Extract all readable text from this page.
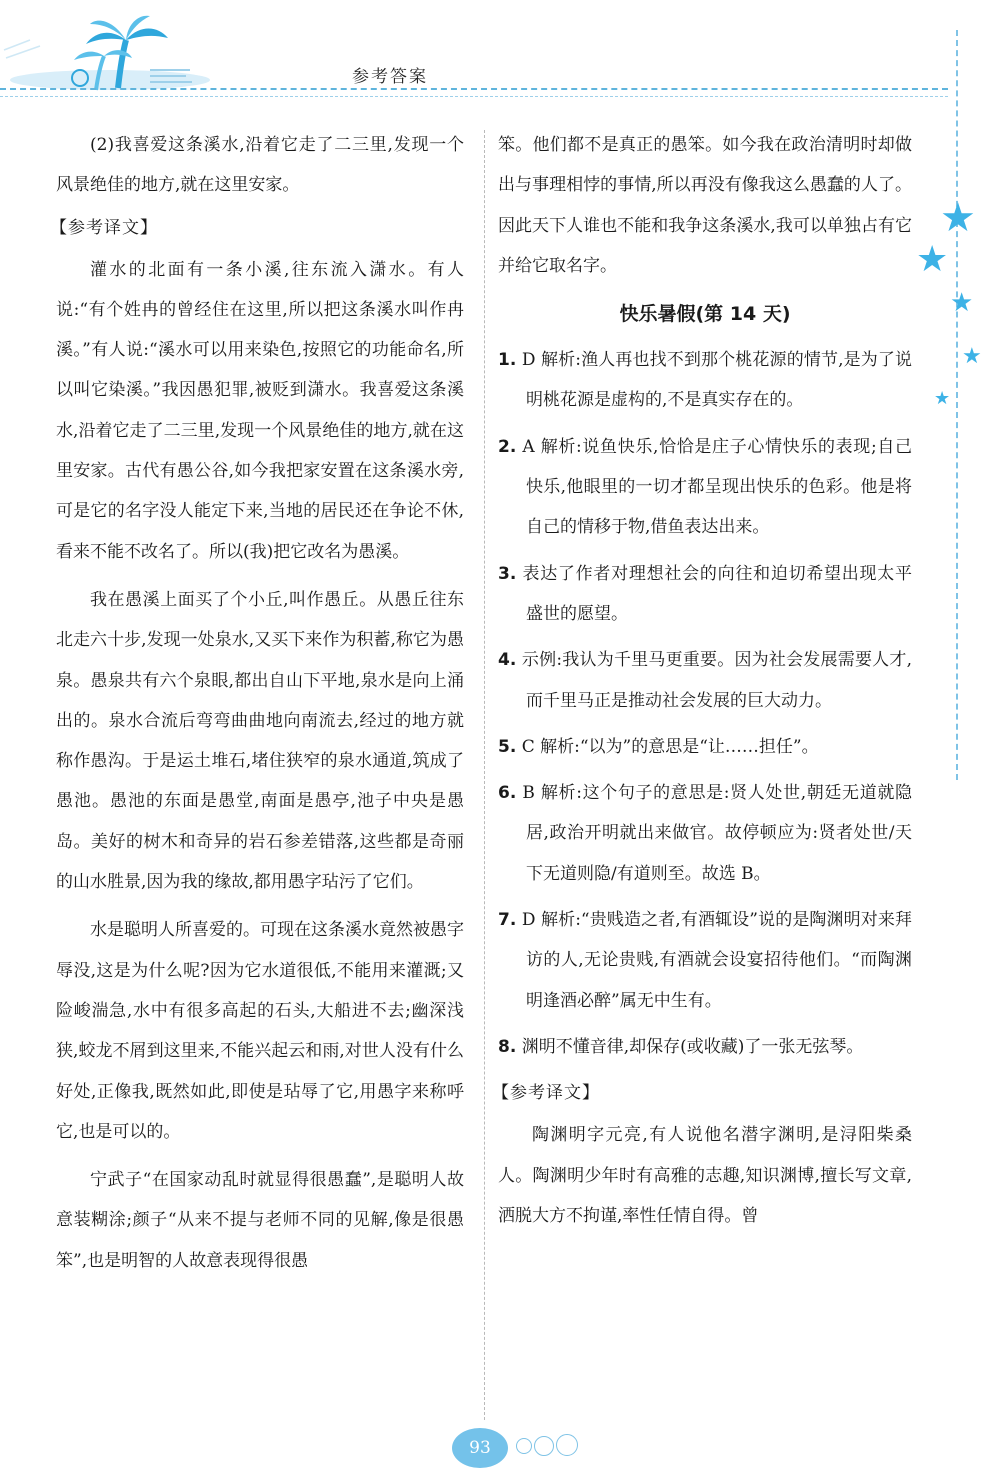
参考答案
★
★
★
★
★

(2)我喜爱这条溪水,沿着它走了二三里,发现一个风景绝佳的地方,就在这里安家。

【参考译文】

灌水的北面有一条小溪,往东流入潇水。有人说:“有个姓冉的曾经住在这里,所以把这条溪水叫作冉溪。”有人说:“溪水可以用来染色,按照它的功能命名,所以叫它染溪。”我因愚犯罪,被贬到潇水。我喜爱这条溪水,沿着它走了二三里,发现一个风景绝佳的地方,就在这里安家。古代有愚公谷,如今我把家安置在这条溪水旁,可是它的名字没人能定下来,当地的居民还在争论不休,看来不能不改名了。所以(我)把它改名为愚溪。

我在愚溪上面买了个小丘,叫作愚丘。从愚丘往东北走六十步,发现一处泉水,又买下来作为积蓄,称它为愚泉。愚泉共有六个泉眼,都出自山下平地,泉水是向上涌出的。泉水合流后弯弯曲曲地向南流去,经过的地方就称作愚沟。于是运土堆石,堵住狭窄的泉水通道,筑成了愚池。愚池的东面是愚堂,南面是愚亭,池子中央是愚岛。美好的树木和奇异的岩石参差错落,这些都是奇丽的山水胜景,因为我的缘故,都用愚字玷污了它们。

水是聪明人所喜爱的。可现在这条溪水竟然被愚字辱没,这是为什么呢?因为它水道很低,不能用来灌溉;又险峻湍急,水中有很多高起的石头,大船进不去;幽深浅狭,蛟龙不屑到这里来,不能兴起云和雨,对世人没有什么好处,正像我,既然如此,即使是玷辱了它,用愚字来称呼它,也是可以的。

宁武子“在国家动乱时就显得很愚蠢”,是聪明人故意装糊涂;颜子“从来不提与老师不同的见解,像是很愚笨”,也是明智的人故意表现得很愚

笨。他们都不是真正的愚笨。如今我在政治清明时却做出与事理相悖的事情,所以再没有像我这么愚蠢的人了。因此天下人谁也不能和我争这条溪水,我可以单独占有它并给它取名字。

快乐暑假(第 14 天)

1. D 解析:渔人再也找不到那个桃花源的情节,是为了说明桃花源是虚构的,不是真实存在的。

2. A 解析:说鱼快乐,恰恰是庄子心情快乐的表现;自己快乐,他眼里的一切才都呈现出快乐的色彩。他是将自己的情移于物,借鱼表达出来。

3. 表达了作者对理想社会的向往和迫切希望出现太平盛世的愿望。

4. 示例:我认为千里马更重要。因为社会发展需要人才,而千里马正是推动社会发展的巨大动力。

5. C 解析:“以为”的意思是“让……担任”。

6. B 解析:这个句子的意思是:贤人处世,朝廷无道就隐居,政治开明就出来做官。故停顿应为:贤者处世/天下无道则隐/有道则至。故选 B。

7. D 解析:“贵贱造之者,有酒辄设”说的是陶渊明对来拜访的人,无论贵贱,有酒就会设宴招待他们。“而陶渊明逢酒必醉”属无中生有。

8. 渊明不懂音律,却保存(或收藏)了一张无弦琴。

【参考译文】

陶渊明字元亮,有人说他名潜字渊明,是浔阳柴桑人。陶渊明少年时有高雅的志趣,知识渊博,擅长写文章,洒脱大方不拘谨,率性任情自得。曾

93
